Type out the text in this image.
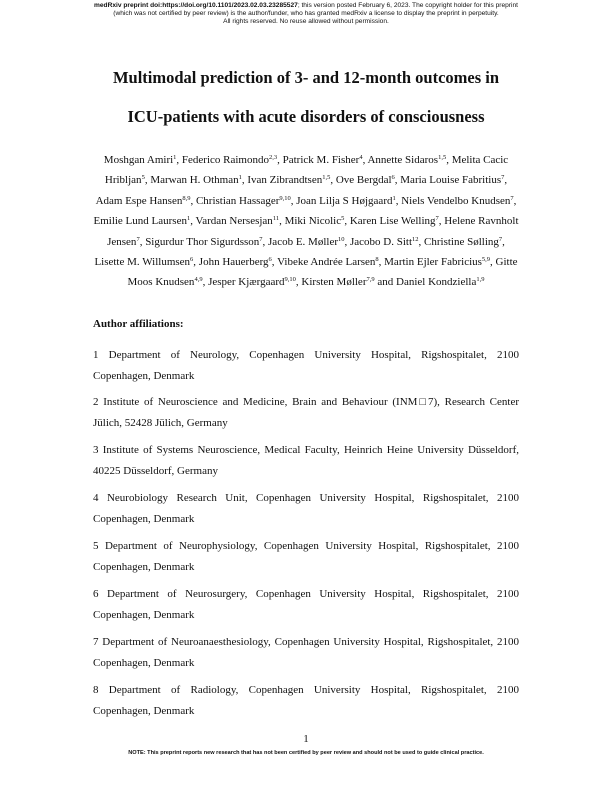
medRxiv preprint doi:https://doi.org/10.1101/2023.02.03.23285527; this version posted February 6, 2023. The copyright holder for this preprint
(which was not certified by peer review) is the author/funder, who has granted medRxiv a license to display the preprint in perpetuity.
All rights reserved. No reuse allowed without permission.
Multimodal prediction of 3- and 12-month outcomes in
ICU-patients with acute disorders of consciousness
Moshgan Amiri$^1$, Federico Raimondo$^{2,3}$, Patrick M. Fisher$^4$, Annette Sidaros$^{1,5}$, Melita Cacic Hribljan$^5$, Marwan H. Othman$^1$, Ivan Zibrandtsen$^{1,5}$, Ove Bergdal$^6$, Maria Louise Fabritius$^7$, Adam Espe Hansen$^{8,9}$, Christian Hassager$^{9,10}$, Joan Lilja S Højgaard$^1$, Niels Vendelbo Knudsen$^7$, Emilie Lund Laursen$^1$, Vardan Nersesjan$^{11}$, Miki Nicolic$^5$, Karen Lise Welling$^7$, Helene Ravnholt Jensen$^7$, Sigurdur Thor Sigurdsson$^7$, Jacob E. Møller$^{10}$, Jacobo D. Sitt$^{12}$, Christine Sølling$^7$, Lisette M. Willumsen$^6$, John Hauerberg$^6$, Vibeke Andrée Larsen$^8$, Martin Ejler Fabricius$^{5,9}$, Gitte Moos Knudsen$^{4,9}$, Jesper Kjærgaard$^{9,10}$, Kirsten Møller$^{7,9}$ and Daniel Kondziella$^{1,9}$
Author affiliations:
1 Department of Neurology, Copenhagen University Hospital, Rigshospitalet, 2100 Copenhagen, Denmark
2 Institute of Neuroscience and Medicine, Brain and Behaviour (INM□7), Research Center Jülich, 52428 Jülich, Germany
3 Institute of Systems Neuroscience, Medical Faculty, Heinrich Heine University Düsseldorf, 40225 Düsseldorf, Germany
4 Neurobiology Research Unit, Copenhagen University Hospital, Rigshospitalet, 2100 Copenhagen, Denmark
5 Department of Neurophysiology, Copenhagen University Hospital, Rigshospitalet, 2100 Copenhagen, Denmark
6 Department of Neurosurgery, Copenhagen University Hospital, Rigshospitalet, 2100 Copenhagen, Denmark
7 Department of Neuroanaesthesiology, Copenhagen University Hospital, Rigshospitalet, 2100 Copenhagen, Denmark
8 Department of Radiology, Copenhagen University Hospital, Rigshospitalet, 2100 Copenhagen, Denmark
1
NOTE: This preprint reports new research that has not been certified by peer review and should not be used to guide clinical practice.
